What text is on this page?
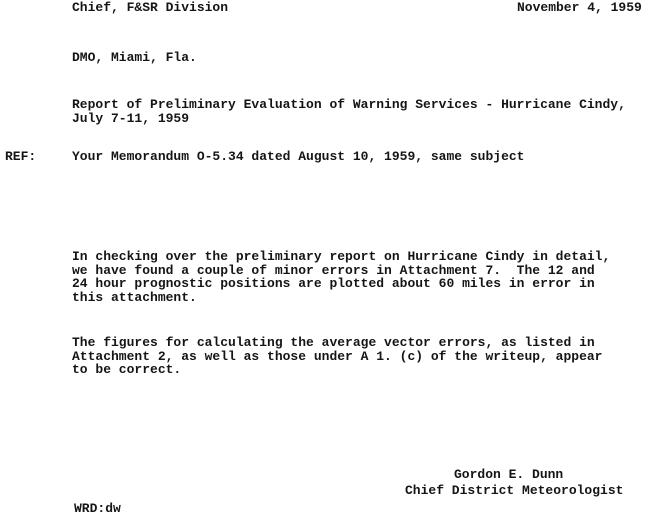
Chief, F&SR Division	November 4, 1959
DMO, Miami, Fla.
Report of Preliminary Evaluation of Warning Services - Hurricane Cindy,
July 7-11, 1959
REF:	Your Memorandum O-5.34 dated August 10, 1959, same subject
In checking over the preliminary report on Hurricane Cindy in detail,
we have found a couple of minor errors in Attachment 7.  The 12 and
24 hour prognostic positions are plotted about 60 miles in error in
this attachment.
The figures for calculating the average vector errors, as listed in
Attachment 2, as well as those under A 1. (c) of the writeup, appear
to be correct.
Gordon E. Dunn
Chief District Meteorologist
WRD:dw
